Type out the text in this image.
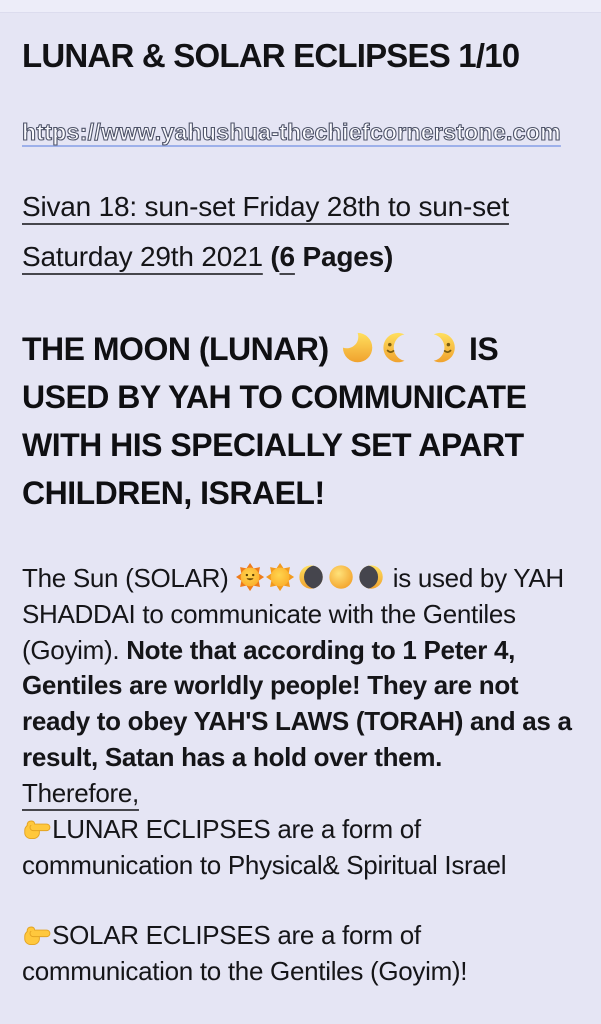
LUNAR & SOLAR ECLIPSES 1/10
https://www.yahushua-thechiefcornerstone.com

Sivan 18: sun-set Friday 28th to sun-set Saturday 29th 2021 (6 Pages)

THE MOON (LUNAR)	IS USED BY YAH TO COMMUNICATE WITH HIS SPECIALLY SET APART CHILDREN, ISRAEL!

The Sun (SOLAR)	is used by YAH SHADDAI to communicate with the Gentiles (Goyim). Note that according to 1 Peter 4, Gentiles are worldly people! They are not ready to obey YAH'S LAWS (TORAH) and as a result, Satan has a hold over them.
Therefore,

LUNAR ECLIPSES are a form of communication to Physical& Spiritual Israel

SOLAR ECLIPSES are a form of communication to the Gentiles (Goyim)!
